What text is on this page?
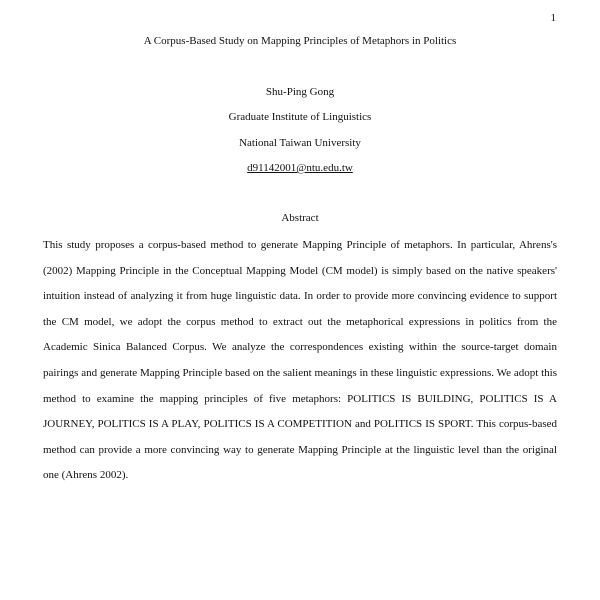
1
A Corpus-Based Study on Mapping Principles of Metaphors in Politics
Shu-Ping Gong
Graduate Institute of Linguistics
National Taiwan University
d91142001@ntu.edu.tw
Abstract
This study proposes a corpus-based method to generate Mapping Principle of metaphors. In particular, Ahrens's (2002) Mapping Principle in the Conceptual Mapping Model (CM model) is simply based on the native speakers' intuition instead of analyzing it from huge linguistic data. In order to provide more convincing evidence to support the CM model, we adopt the corpus method to extract out the metaphorical expressions in politics from the Academic Sinica Balanced Corpus. We analyze the correspondences existing within the source-target domain pairings and generate Mapping Principle based on the salient meanings in these linguistic expressions. We adopt this method to examine the mapping principles of five metaphors: POLITICS IS BUILDING, POLITICS IS A JOURNEY, POLITICS IS A PLAY, POLITICS IS A COMPETITION and POLITICS IS SPORT. This corpus-based method can provide a more convincing way to generate Mapping Principle at the linguistic level than the original one (Ahrens 2002).
